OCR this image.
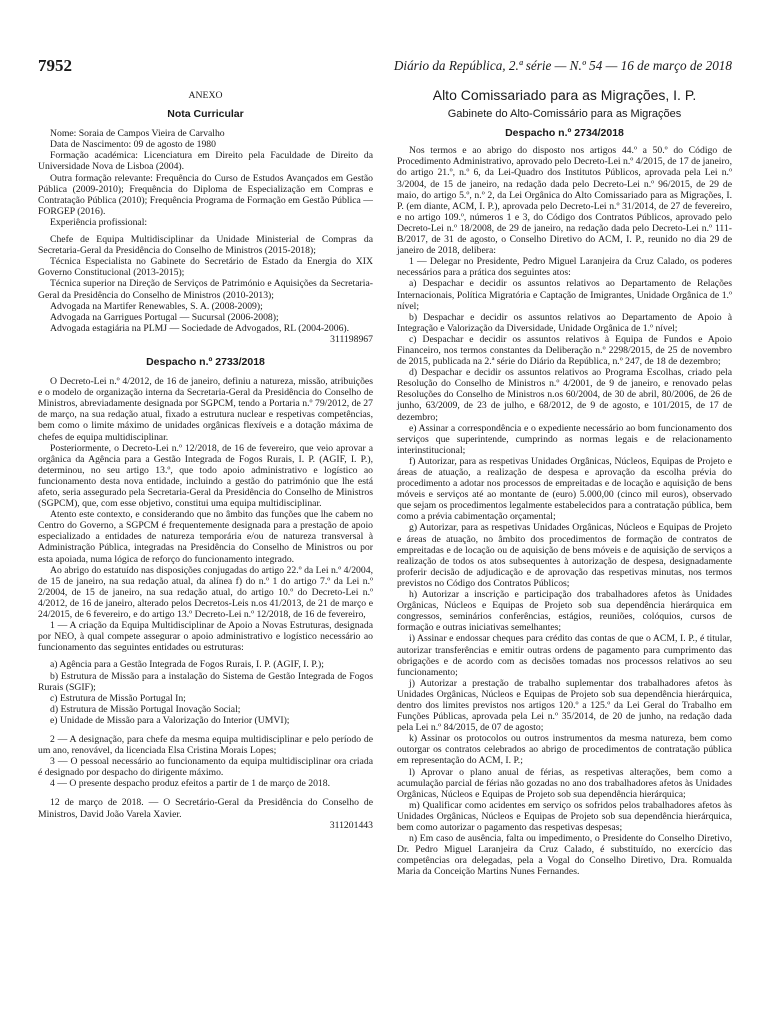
7952	Diário da República, 2.ª série — N.º 54 — 16 de março de 2018
ANEXO
Nota Curricular

Nome: Soraia de Campos Vieira de Carvalho

Data de Nascimento: 09 de agosto de 1980

Formação académica: Licenciatura em Direito pela Faculdade de Direito da Universidade Nova de Lisboa (2004).

Outra formação relevante: Frequência do Curso de Estudos Avançados em Gestão Pública (2009-2010); Frequência do Diploma de Especialização em Compras e Contratação Pública (2010); Frequência Programa de Formação em Gestão Pública — FORGEP (2016).

Experiência profissional:

Chefe de Equipa Multidisciplinar da Unidade Ministerial de Compras da Secretaria-Geral da Presidência do Conselho de Ministros (2015-2018);

Técnica Especialista no Gabinete do Secretário de Estado da Energia do XIX Governo Constitucional (2013-2015);

Técnica superior na Direção de Serviços de Património e Aquisições da Secretaria-Geral da Presidência do Conselho de Ministros (2010-2013);

Advogada na Martifer Renewables, S. A. (2008-2009);

Advogada na Garrigues Portugal — Sucursal (2006-2008);

Advogada estagiária na PLMJ — Sociedade de Advogados, RL (2004-2006).

311198967

Despacho n.º 2733/2018

O Decreto-Lei n.º 4/2012, de 16 de janeiro, definiu a natureza, missão, atribuições e o modelo de organização interna da Secretaria-Geral da Presidência do Conselho de Ministros, abreviadamente designada por SGPCM, tendo a Portaria n.º 79/2012, de 27 de março, na sua redação atual, fixado a estrutura nuclear e respetivas competências, bem como o limite máximo de unidades orgânicas flexíveis e a dotação máxima de chefes de equipa multidisciplinar.

Posteriormente, o Decreto-Lei n.º 12/2018, de 16 de fevereiro, que veio aprovar a orgânica da Agência para a Gestão Integrada de Fogos Rurais, I. P. (AGIF, I. P.), determinou, no seu artigo 13.º, que todo apoio administrativo e logístico ao funcionamento desta nova entidade, incluindo a gestão do património que lhe está afeto, seria assegurado pela Secretaria-Geral da Presidência do Conselho de Ministros (SGPCM), que, com esse objetivo, constitui uma equipa multidisciplinar.

Atento este contexto, e considerando que no âmbito das funções que lhe cabem no Centro do Governo, a SGPCM é frequentemente designada para a prestação de apoio especializado a entidades de natureza temporária e/ou de natureza transversal à Administração Pública, integradas na Presidência do Conselho de Ministros ou por esta apoiada, numa lógica de reforço do funcionamento integrado.

Ao abrigo do estatuído nas disposições conjugadas do artigo 22.º da Lei n.º 4/2004, de 15 de janeiro, na sua redação atual, da alínea f) do n.º 1 do artigo 7.º da Lei n.º 2/2004, de 15 de janeiro, na sua redação atual, do artigo 10.º do Decreto-Lei n.º 4/2012, de 16 de janeiro, alterado pelos Decretos-Leis n.os 41/2013, de 21 de março e 24/2015, de 6 fevereiro, e do artigo 13.º Decreto-Lei n.º 12/2018, de 16 de fevereiro,

1 — A criação da Equipa Multidisciplinar de Apoio a Novas Estruturas, designada por NEO, à qual compete assegurar o apoio administrativo e logístico necessário ao funcionamento das seguintes entidades ou estruturas:

a) Agência para a Gestão Integrada de Fogos Rurais, I. P. (AGIF, I. P.);

b) Estrutura de Missão para a instalação do Sistema de Gestão Integrada de Fogos Rurais (SGIF);

c) Estrutura de Missão Portugal In;

d) Estrutura de Missão Portugal Inovação Social;

e) Unidade de Missão para a Valorização do Interior (UMVI);

2 — A designação, para chefe da mesma equipa multidisciplinar e pelo período de um ano, renovável, da licenciada Elsa Cristina Morais Lopes;

3 — O pessoal necessário ao funcionamento da equipa multidisciplinar ora criada é designado por despacho do dirigente máximo.

4 — O presente despacho produz efeitos a partir de 1 de março de 2018.

12 de março de 2018. — O Secretário-Geral da Presidência do Conselho de Ministros, David João Varela Xavier.

311201443

Alto Comissariado para as Migrações, I. P.
Gabinete do Alto-Comissário para as Migrações
Despacho n.º 2734/2018

Nos termos e ao abrigo do disposto nos artigos 44.º a 50.º do Código de Procedimento Administrativo, aprovado pelo Decreto-Lei n.º 4/2015, de 17 de janeiro, do artigo 21.º, n.º 6, da Lei-Quadro dos Institutos Públicos, aprovada pela Lei n.º 3/2004, de 15 de janeiro, na redação dada pelo Decreto-Lei n.º 96/2015, de 29 de maio, do artigo 5.º, n.º 2, da Lei Orgânica do Alto Comissariado para as Migrações, I. P. (em diante, ACM, I. P.), aprovada pelo Decreto-Lei n.º 31/2014, de 27 de fevereiro, e no artigo 109.º, números 1 e 3, do Código dos Contratos Públicos, aprovado pelo Decreto-Lei n.º 18/2008, de 29 de janeiro, na redação dada pelo Decreto-Lei n.º 111-B/2017, de 31 de agosto, o Conselho Diretivo do ACM, I. P., reunido no dia 29 de janeiro de 2018, delibera:

1 — Delegar no Presidente, Pedro Miguel Laranjeira da Cruz Calado, os poderes necessários para a prática dos seguintes atos:

a) Despachar e decidir os assuntos relativos ao Departamento de Relações Internacionais, Política Migratória e Captação de Imigrantes, Unidade Orgânica de 1.º nível;

b) Despachar e decidir os assuntos relativos ao Departamento de Apoio à Integração e Valorização da Diversidade, Unidade Orgânica de 1.º nível;

c) Despachar e decidir os assuntos relativos à Equipa de Fundos e Apoio Financeiro, nos termos constantes da Deliberação n.º 2298/2015, de 25 de novembro de 2015, publicada na 2.ª série do Diário da República, n.º 247, de 18 de dezembro;

d) Despachar e decidir os assuntos relativos ao Programa Escolhas, criado pela Resolução do Conselho de Ministros n.º 4/2001, de 9 de janeiro, e renovado pelas Resoluções do Conselho de Ministros n.os 60/2004, de 30 de abril, 80/2006, de 26 de junho, 63/2009, de 23 de julho, e 68/2012, de 9 de agosto, e 101/2015, de 17 de dezembro;

e) Assinar a correspondência e o expediente necessário ao bom funcionamento dos serviços que superintende, cumprindo as normas legais e de relacionamento interinstitucional;

f) Autorizar, para as respetivas Unidades Orgânicas, Núcleos, Equipas de Projeto e áreas de atuação, a realização de despesa e aprovação da escolha prévia do procedimento a adotar nos processos de empreitadas e de locação e aquisição de bens móveis e serviços até ao montante de (euro) 5.000,00 (cinco mil euros), observado que sejam os procedimentos legalmente estabelecidos para a contratação pública, bem como a prévia cabimentação orçamental;

g) Autorizar, para as respetivas Unidades Orgânicas, Núcleos e Equipas de Projeto e áreas de atuação, no âmbito dos procedimentos de formação de contratos de empreitadas e de locação ou de aquisição de bens móveis e de aquisição de serviços a realização de todos os atos subsequentes à autorização de despesa, designadamente proferir decisão de adjudicação e de aprovação das respetivas minutas, nos termos previstos no Código dos Contratos Públicos;

h) Autorizar a inscrição e participação dos trabalhadores afetos às Unidades Orgânicas, Núcleos e Equipas de Projeto sob sua dependência hierárquica em congressos, seminários conferências, estágios, reuniões, colóquios, cursos de formação e outras iniciativas semelhantes;

i) Assinar e endossar cheques para crédito das contas de que o ACM, I. P., é titular, autorizar transferências e emitir outras ordens de pagamento para cumprimento das obrigações e de acordo com as decisões tomadas nos processos relativos ao seu funcionamento;

j) Autorizar a prestação de trabalho suplementar dos trabalhadores afetos às Unidades Orgânicas, Núcleos e Equipas de Projeto sob sua dependência hierárquica, dentro dos limites previstos nos artigos 120.º a 125.º da Lei Geral do Trabalho em Funções Públicas, aprovada pela Lei n.º 35/2014, de 20 de junho, na redação dada pela Lei n.º 84/2015, de 07 de agosto;

k) Assinar os protocolos ou outros instrumentos da mesma natureza, bem como outorgar os contratos celebrados ao abrigo de procedimentos de contratação pública em representação do ACM, I. P.;

l) Aprovar o plano anual de férias, as respetivas alterações, bem como a acumulação parcial de férias não gozadas no ano dos trabalhadores afetos às Unidades Orgânicas, Núcleos e Equipas de Projeto sob sua dependência hierárquica;

m) Qualificar como acidentes em serviço os sofridos pelos trabalhadores afetos às Unidades Orgânicas, Núcleos e Equipas de Projeto sob sua dependência hierárquica, bem como autorizar o pagamento das respetivas despesas;

n) Em caso de ausência, falta ou impedimento, o Presidente do Conselho Diretivo, Dr. Pedro Miguel Laranjeira da Cruz Calado, é substituído, no exercício das competências ora delegadas, pela a Vogal do Conselho Diretivo, Dra. Romualda Maria da Conceição Martins Nunes Fernandes.
